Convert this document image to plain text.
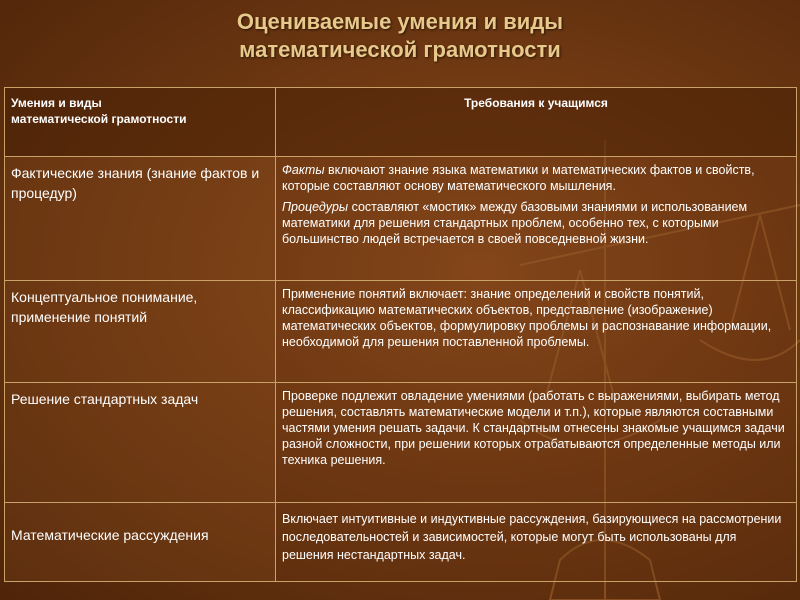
Оцениваемые умения и виды
математической грамотности
Умения и виды
математической грамотности	Требования к учащимся

Фактические знания (знание фактов и процедур)	Факты включают знание языка математики и математических фактов и свойств, которые составляют основу математического мышления.

Процедуры составляют «мостик» между базовыми знаниями и использованием математики для решения стандартных проблем, особенно тех, с которыми большинство людей встречается в своей повседневной жизни.

Концептуальное понимание, применение понятий	Применение понятий включает: знание определений и свойств понятий, классификацию математических объектов, представление (изображение) математических объектов, формулировку проблемы и распознавание информации, необходимой для решения поставленной проблемы.

Решение стандартных задач	Проверке подлежит овладение умениями (работать с выражениями, выбирать метод решения, составлять математические модели и т.п.), которые являются составными частями умения решать задачи. К стандартным отнесены знакомые учащимся задачи разной сложности, при решении которых отрабатываются определенные методы или техника решения.

Математические рассуждения	Включает интуитивные и индуктивные рассуждения, базирующиеся на рассмотрении последовательностей и зависимостей, которые могут быть использованы для решения нестандартных задач.
